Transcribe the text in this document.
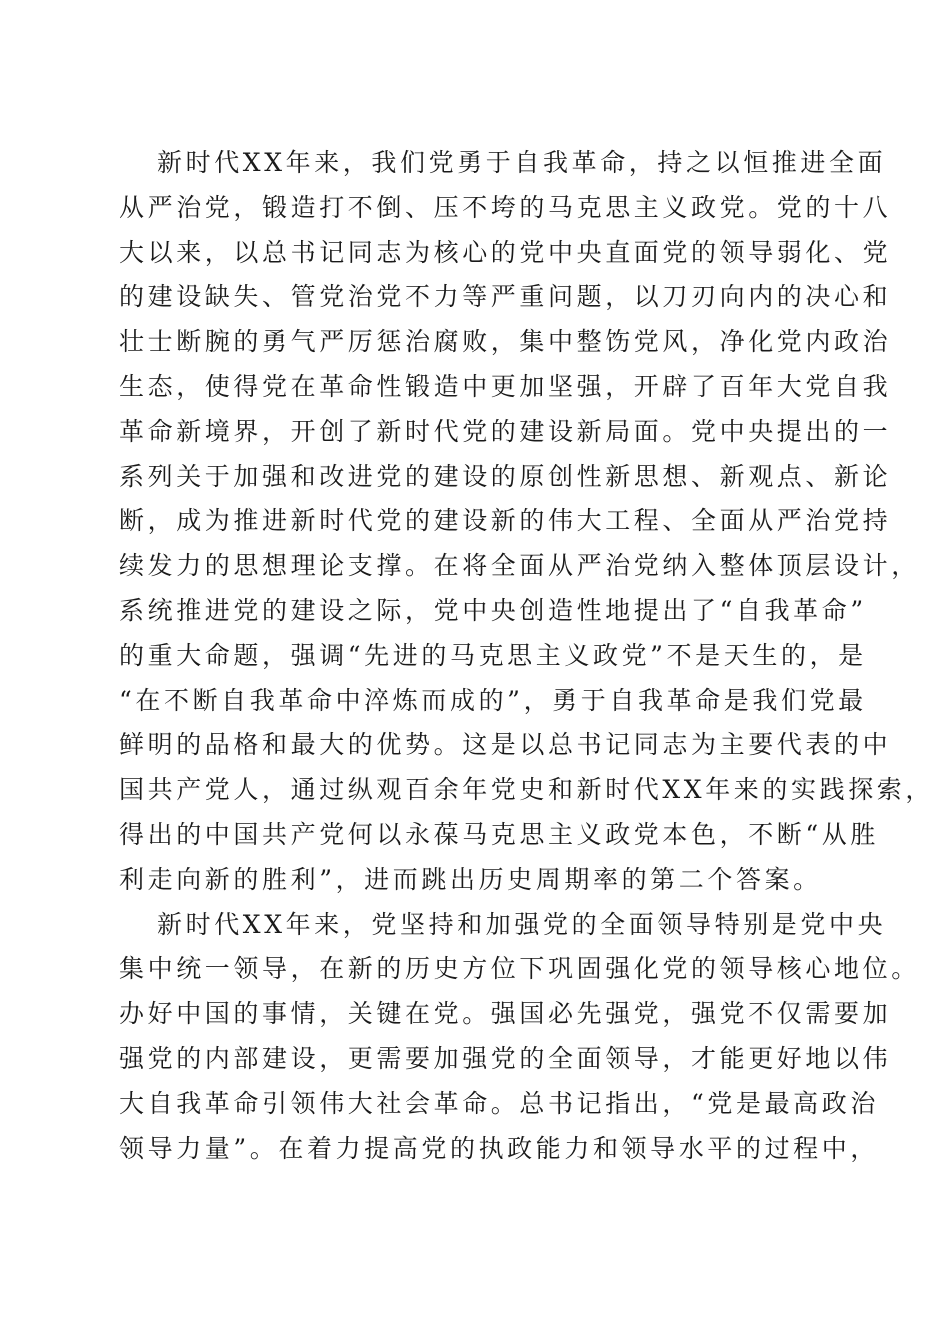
新时代XX年来，我们党勇于自我革命，持之以恒推进全面
从严治党，锻造打不倒、压不垮的马克思主义政党。党的十八
大以来，以总书记同志为核心的党中央直面党的领导弱化、党
的建设缺失、管党治党不力等严重问题，以刀刃向内的决心和
壮士断腕的勇气严厉惩治腐败，集中整饬党风，净化党内政治
生态，使得党在革命性锻造中更加坚强，开辟了百年大党自我
革命新境界，开创了新时代党的建设新局面。党中央提出的一
系列关于加强和改进党的建设的原创性新思想、新观点、新论
断，成为推进新时代党的建设新的伟大工程、全面从严治党持
续发力的思想理论支撑。在将全面从严治党纳入整体顶层设计，
系统推进党的建设之际，党中央创造性地提出了“自我革命”
的重大命题，强调“先进的马克思主义政党”不是天生的，是
“在不断自我革命中淬炼而成的”，勇于自我革命是我们党最
鲜明的品格和最大的优势。这是以总书记同志为主要代表的中
国共产党人，通过纵观百余年党史和新时代XX年来的实践探索，
得出的中国共产党何以永葆马克思主义政党本色，不断“从胜
利走向新的胜利”，进而跳出历史周期率的第二个答案。
新时代XX年来，党坚持和加强党的全面领导特别是党中央
集中统一领导，在新的历史方位下巩固强化党的领导核心地位。
办好中国的事情，关键在党。强国必先强党，强党不仅需要加
强党的内部建设，更需要加强党的全面领导，才能更好地以伟
大自我革命引领伟大社会革命。总书记指出，“党是最高政治
领导力量”。在着力提高党的执政能力和领导水平的过程中，
